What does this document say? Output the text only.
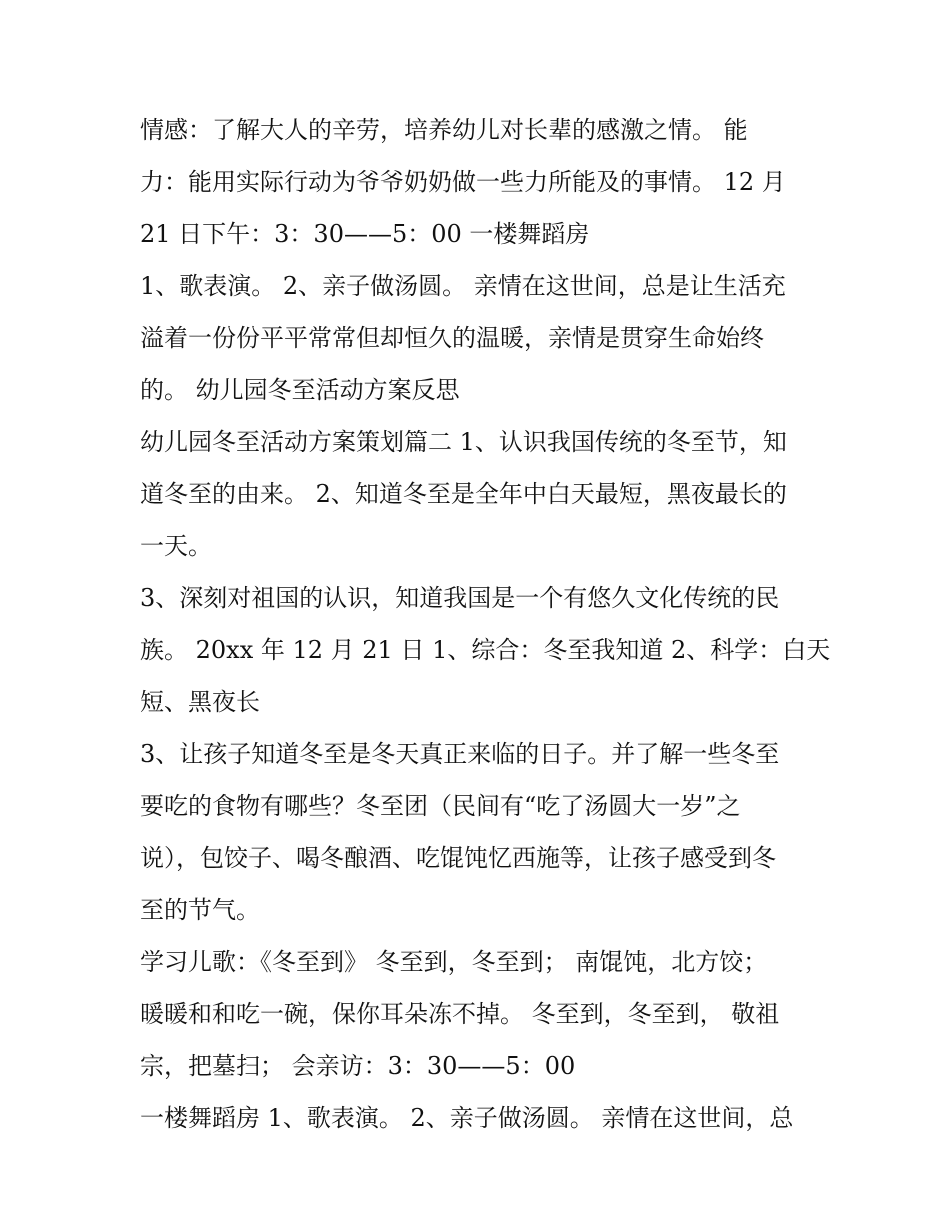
情感：了解大人的辛劳，培养幼儿对长辈的感激之情。 能
力：能用实际行动为爷爷奶奶做一些力所能及的事情。 12 月
21 日下午：3：30——5：00 一楼舞蹈房
1、歌表演。 2、亲子做汤圆。 亲情在这世间，总是让生活充
溢着一份份平平常常但却恒久的温暖，亲情是贯穿生命始终
的。 幼儿园冬至活动方案反思
幼儿园冬至活动方案策划篇二 1、认识我国传统的冬至节，知
道冬至的由来。 2、知道冬至是全年中白天最短，黑夜最长的
一天。
3、深刻对祖国的认识，知道我国是一个有悠久文化传统的民
族。 20xx 年 12 月 21 日 1、综合：冬至我知道 2、科学：白天
短、黑夜长
3、让孩子知道冬至是冬天真正来临的日子。并了解一些冬至
要吃的食物有哪些？冬至团（民间有“吃了汤圆大一岁”之
说），包饺子、喝冬酿酒、吃馄饨忆西施等，让孩子感受到冬
至的节气。
学习儿歌：《冬至到》 冬至到，冬至到； 南馄饨，北方饺；
暖暖和和吃一碗，保你耳朵冻不掉。 冬至到，冬至到， 敬祖
宗，把墓扫； 会亲访：3：30——5：00
一楼舞蹈房 1、歌表演。 2、亲子做汤圆。 亲情在这世间，总
